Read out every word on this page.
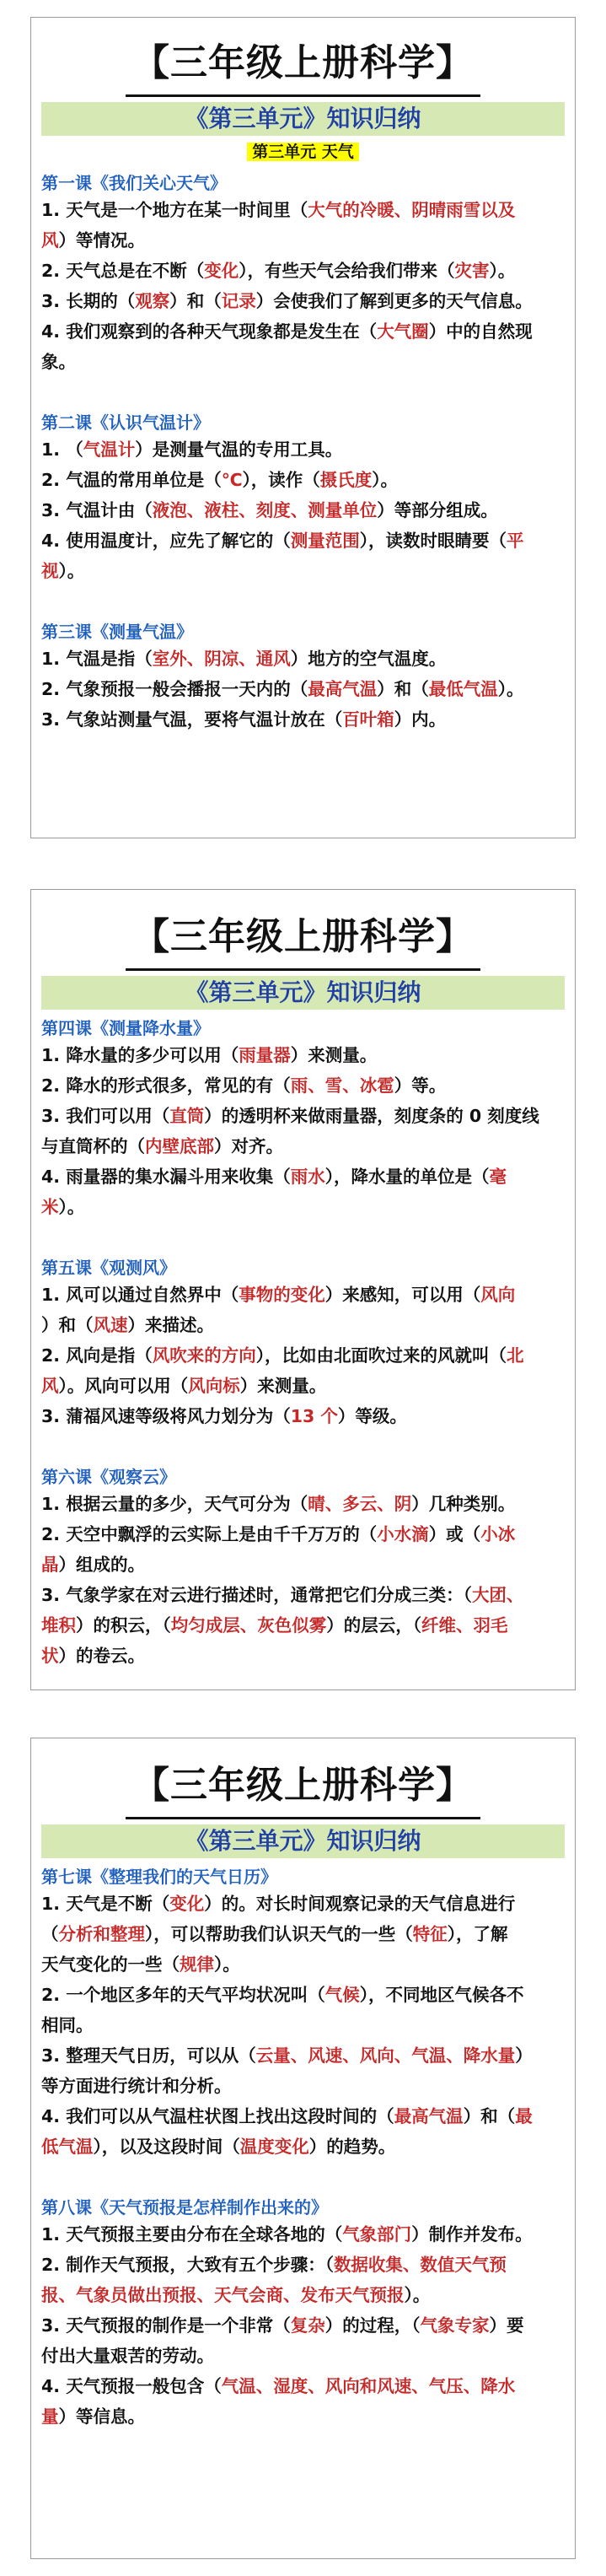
【三年级上册科学】
《第三单元》知识归纳
第三单元 天气
第一课《我们关心天气》

1. 天气是一个地方在某一时间里（大气的冷暖、阴晴雨雪以及

风）等情况。

2. 天气总是在不断（变化），有些天气会给我们带来（灾害）。

3. 长期的（观察）和（记录）会使我们了解到更多的天气信息。

4. 我们观察到的各种天气现象都是发生在（大气圈）中的自然现

象。

第二课《认识气温计》

1. （气温计）是测量气温的专用工具。

2. 气温的常用单位是（℃），读作（摄氏度）。

3. 气温计由（液泡、液柱、刻度、测量单位）等部分组成。

4. 使用温度计，应先了解它的（测量范围），读数时眼睛要（平

视）。

第三课《测量气温》

1. 气温是指（室外、阴凉、通风）地方的空气温度。

2. 气象预报一般会播报一天内的（最高气温）和（最低气温）。

3. 气象站测量气温，要将气温计放在（百叶箱）内。

【三年级上册科学】
《第三单元》知识归纳
第四课《测量降水量》

1. 降水量的多少可以用（雨量器）来测量。

2. 降水的形式很多，常见的有（雨、雪、冰雹）等。

3. 我们可以用（直筒）的透明杯来做雨量器，刻度条的 0 刻度线

与直筒杯的（内壁底部）对齐。

4. 雨量器的集水漏斗用来收集（雨水），降水量的单位是（毫

米）。

第五课《观测风》

1. 风可以通过自然界中（事物的变化）来感知，可以用（风向

）和（风速）来描述。

2. 风向是指（风吹来的方向），比如由北面吹过来的风就叫（北

风）。风向可以用（风向标）来测量。

3. 蒲福风速等级将风力划分为（13 个）等级。

第六课《观察云》

1. 根据云量的多少，天气可分为（晴、多云、阴）几种类别。

2. 天空中飘浮的云实际上是由千千万万的（小水滴）或（小冰

晶）组成的。

3. 气象学家在对云进行描述时，通常把它们分成三类：（大团、

堆积）的积云，（均匀成层、灰色似雾）的层云，（纤维、羽毛

状）的卷云。

【三年级上册科学】
《第三单元》知识归纳
第七课《整理我们的天气日历》

1. 天气是不断（变化）的。对长时间观察记录的天气信息进行

（分析和整理），可以帮助我们认识天气的一些（特征），了解

天气变化的一些（规律）。

2. 一个地区多年的天气平均状况叫（气候），不同地区气候各不

相同。

3. 整理天气日历，可以从（云量、风速、风向、气温、降水量）

等方面进行统计和分析。

4. 我们可以从气温柱状图上找出这段时间的（最高气温）和（最

低气温），以及这段时间（温度变化）的趋势。

第八课《天气预报是怎样制作出来的》

1. 天气预报主要由分布在全球各地的（气象部门）制作并发布。

2. 制作天气预报，大致有五个步骤：（数据收集、数值天气预

报、气象员做出预报、天气会商、发布天气预报）。

3. 天气预报的制作是一个非常（复杂）的过程，（气象专家）要

付出大量艰苦的劳动。

4. 天气预报一般包含（气温、湿度、风向和风速、气压、降水

量）等信息。
